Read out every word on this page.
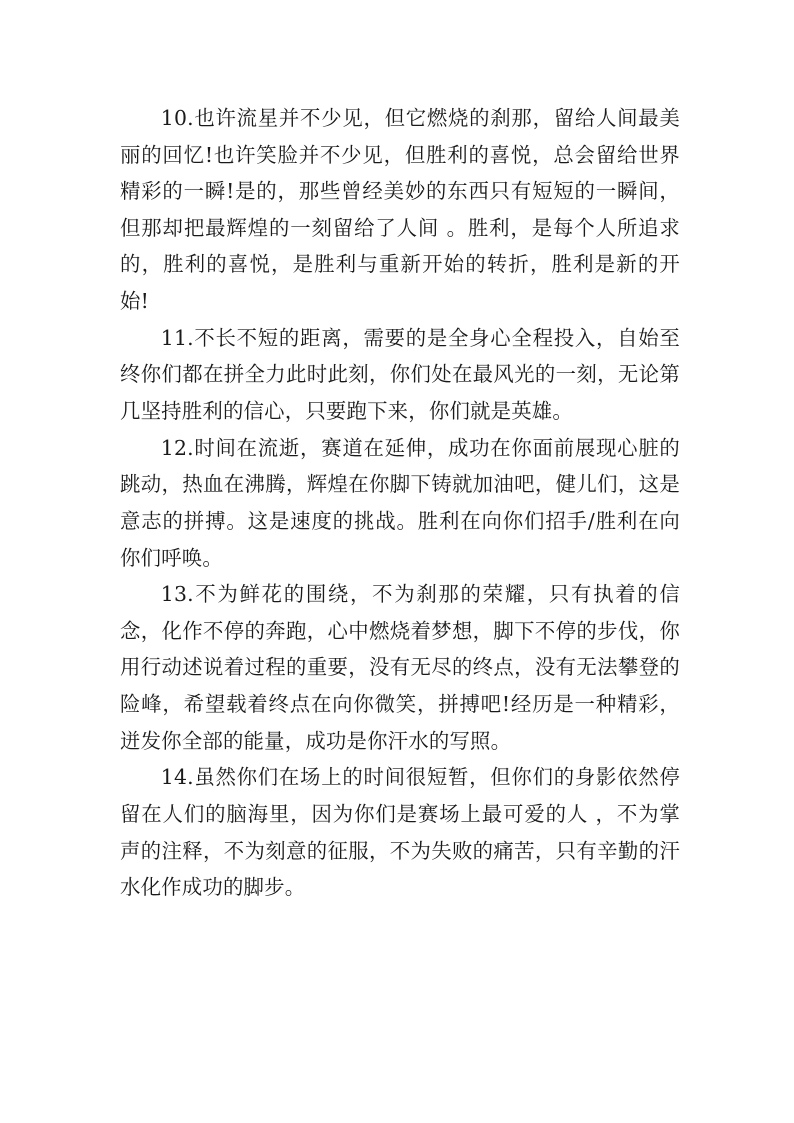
10.也许流星并不少见，但它燃烧的刹那，留给人间最美丽的回忆!也许笑脸并不少见，但胜利的喜悦，总会留给世界精彩的一瞬!是的，那些曾经美妙的东西只有短短的一瞬间，但那却把最辉煌的一刻留给了人间 。胜利，是每个人所追求的，胜利的喜悦，是胜利与重新开始的转折，胜利是新的开始!

11.不长不短的距离，需要的是全身心全程投入，自始至终你们都在拼全力此时此刻，你们处在最风光的一刻，无论第几坚持胜利的信心，只要跑下来，你们就是英雄。

12.时间在流逝，赛道在延伸，成功在你面前展现心脏的跳动，热血在沸腾，辉煌在你脚下铸就加油吧，健儿们，这是意志的拼搏。这是速度的挑战。胜利在向你们招手/胜利在向你们呼唤。

13.不为鲜花的围绕，不为刹那的荣耀，只有执着的信念，化作不停的奔跑，心中燃烧着梦想，脚下不停的步伐，你用行动述说着过程的重要，没有无尽的终点，没有无法攀登的险峰，希望载着终点在向你微笑，拼搏吧!经历是一种精彩，迸发你全部的能量，成功是你汗水的写照。

14.虽然你们在场上的时间很短暂，但你们的身影依然停留在人们的脑海里，因为你们是赛场上最可爱的人 ，不为掌声的注释，不为刻意的征服，不为失败的痛苦，只有辛勤的汗水化作成功的脚步。
